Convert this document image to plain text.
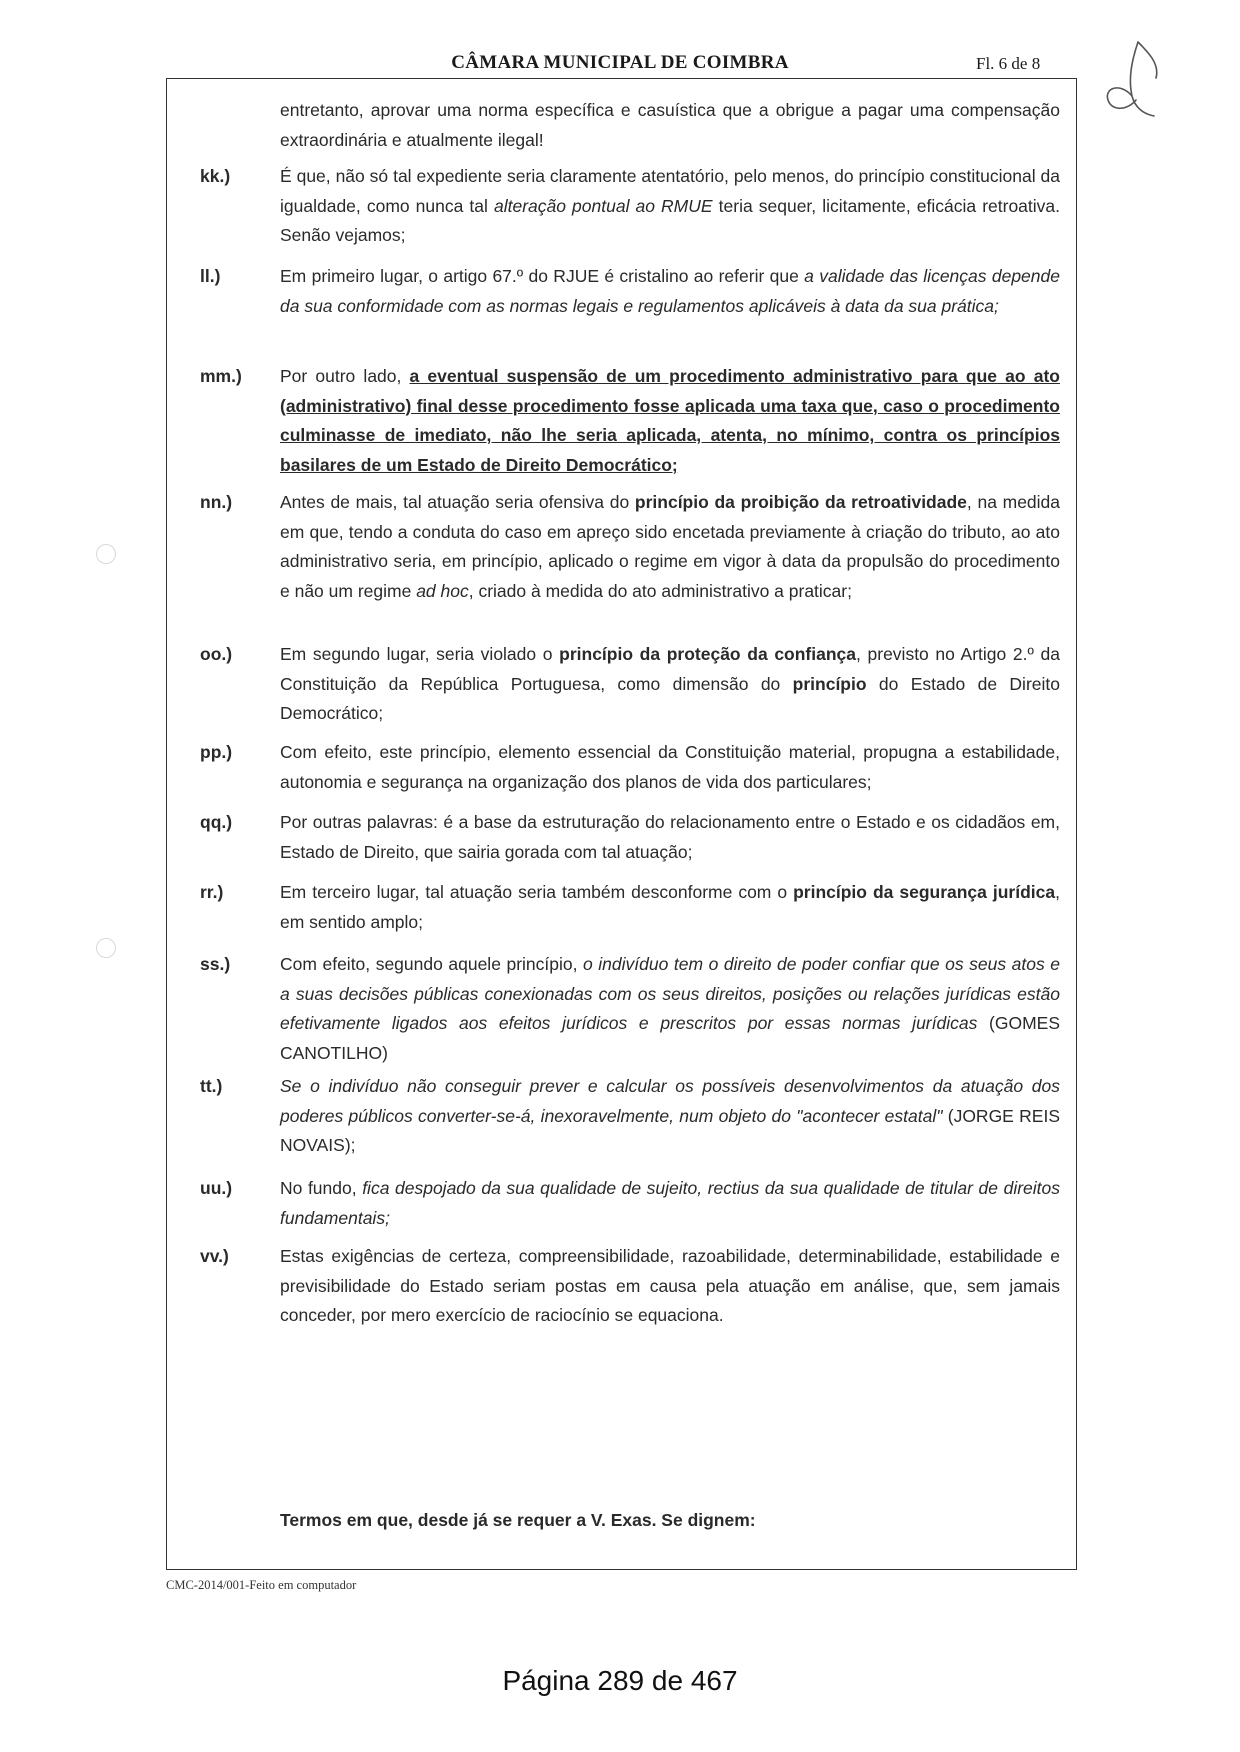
CÂMARA MUNICIPAL DE COIMBRA	Fl. 6 de 8
entretanto, aprovar uma norma específica e casuística que a obrigue a pagar uma compensação extraordinária e atualmente ilegal!
kk.)	É que, não só tal expediente seria claramente atentatório, pelo menos, do princípio constitucional da igualdade, como nunca tal alteração pontual ao RMUE teria sequer, licitamente, eficácia retroativa. Senão vejamos;
ll.)	Em primeiro lugar, o artigo 67.º do RJUE é cristalino ao referir que a validade das licenças depende da sua conformidade com as normas legais e regulamentos aplicáveis à data da sua prática;
mm.) Por outro lado, a eventual suspensão de um procedimento administrativo para que ao ato (administrativo) final desse procedimento fosse aplicada uma taxa que, caso o procedimento culminasse de imediato, não lhe seria aplicada, atenta, no mínimo, contra os princípios basilares de um Estado de Direito Democrático;
nn.)	Antes de mais, tal atuação seria ofensiva do princípio da proibição da retroatividade, na medida em que, tendo a conduta do caso em apreço sido encetada previamente à criação do tributo, ao ato administrativo seria, em princípio, aplicado o regime em vigor à data da propulsão do procedimento e não um regime ad hoc, criado à medida do ato administrativo a praticar;
oo.)	Em segundo lugar, seria violado o princípio da proteção da confiança, previsto no Artigo 2.º da Constituição da República Portuguesa, como dimensão do princípio do Estado de Direito Democrático;
pp.)	Com efeito, este princípio, elemento essencial da Constituição material, propugna a estabilidade, autonomia e segurança na organização dos planos de vida dos particulares;
qq.)	Por outras palavras: é a base da estruturação do relacionamento entre o Estado e os cidadãos em, Estado de Direito, que sairia gorada com tal atuação;
rr.)	Em terceiro lugar, tal atuação seria também desconforme com o princípio da segurança jurídica, em sentido amplo;
ss.)	Com efeito, segundo aquele princípio, o indivíduo tem o direito de poder confiar que os seus atos e a suas decisões públicas conexionadas com os seus direitos, posições ou relações jurídicas estão efetivamente ligados aos efeitos jurídicos e prescritos por essas normas jurídicas (GOMES CANOTILHO)
tt.)	Se o indivíduo não conseguir prever e calcular os possíveis desenvolvimentos da atuação dos poderes públicos converter-se-á, inexoravelmente, num objeto do "acontecer estatal" (JORGE REIS NOVAIS);
uu.)	No fundo, fica despojado da sua qualidade de sujeito, rectius da sua qualidade de titular de direitos fundamentais;
vv.)	Estas exigências de certeza, compreensibilidade, razoabilidade, determinabilidade, estabilidade e previsibilidade do Estado seriam postas em causa pela atuação em análise, que, sem jamais conceder, por mero exercício de raciocínio se equaciona.
Termos em que, desde já se requer a V. Exas. Se dignem:
CMC-2014/001-Feito em computador
Página 289 de 467
